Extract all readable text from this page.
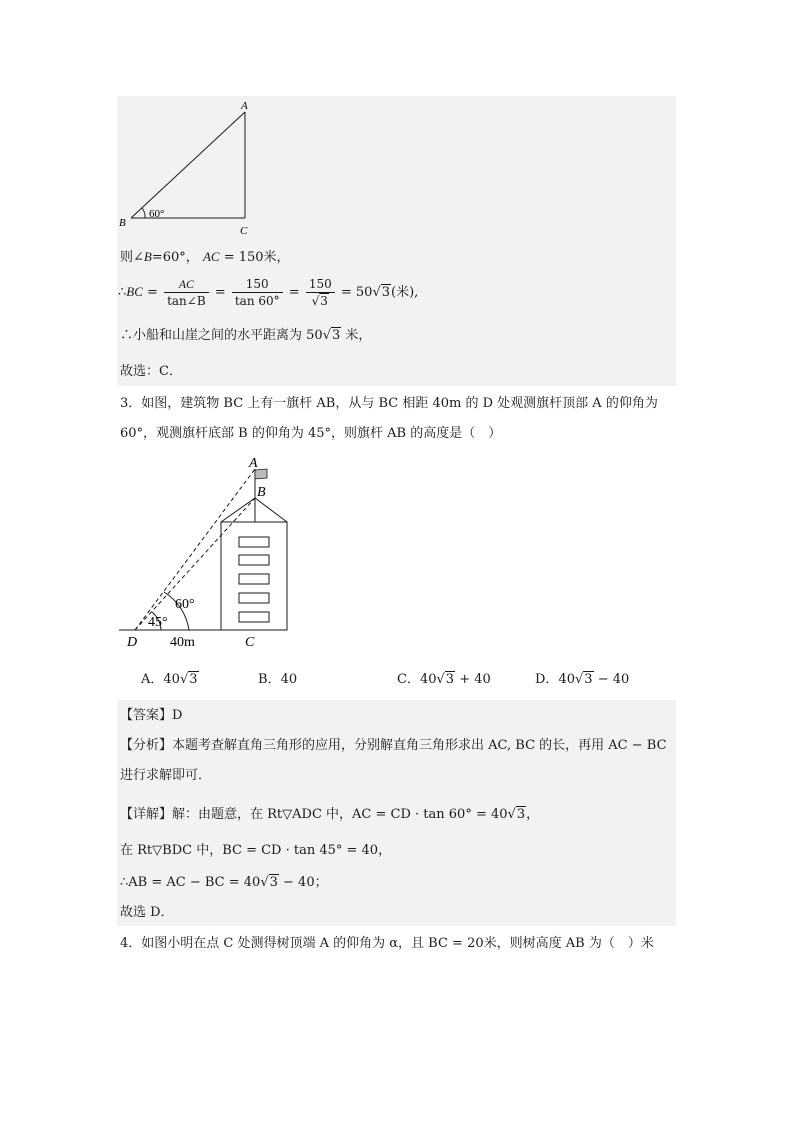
A
B
C
60°
则∠B=60°， AC = 150米，
∴BC = $\frac{AC}{\tan\angle B} = \frac{150}{\tan 60^\circ} = \frac{150}{√3} = 50√3$(米),
∴小船和山崖之间的水平距离为 50√3 米，
故选：C．
3．如图，建筑物 BC 上有一旗杆 AB，从与 BC 相距 40m 的 D 处观测旗杆顶部 A 的仰角为
60°，观测旗杆底部 B 的仰角为 45°，则旗杆 AB 的高度是（　）
A
B
C
D
60°
45°
40m
A．40√3	B．40	C．40√3 + 40	D．40√3 − 40
【答案】D
【分析】本题考查解直角三角形的应用，分别解直角三角形求出 AC, BC 的长，再用 AC − BC
进行求解即可．
【详解】解：由题意，在 Rt▽ADC 中，AC = CD · tan 60° = 40√3，
在 Rt▽BDC 中，BC = CD · tan 45° = 40，
∴AB = AC − BC = 40√3 − 40；
故选 D．
4．如图小明在点 C 处测得树顶端 A 的仰角为 α，且 BC = 20米，则树高度 AB 为（　）米
